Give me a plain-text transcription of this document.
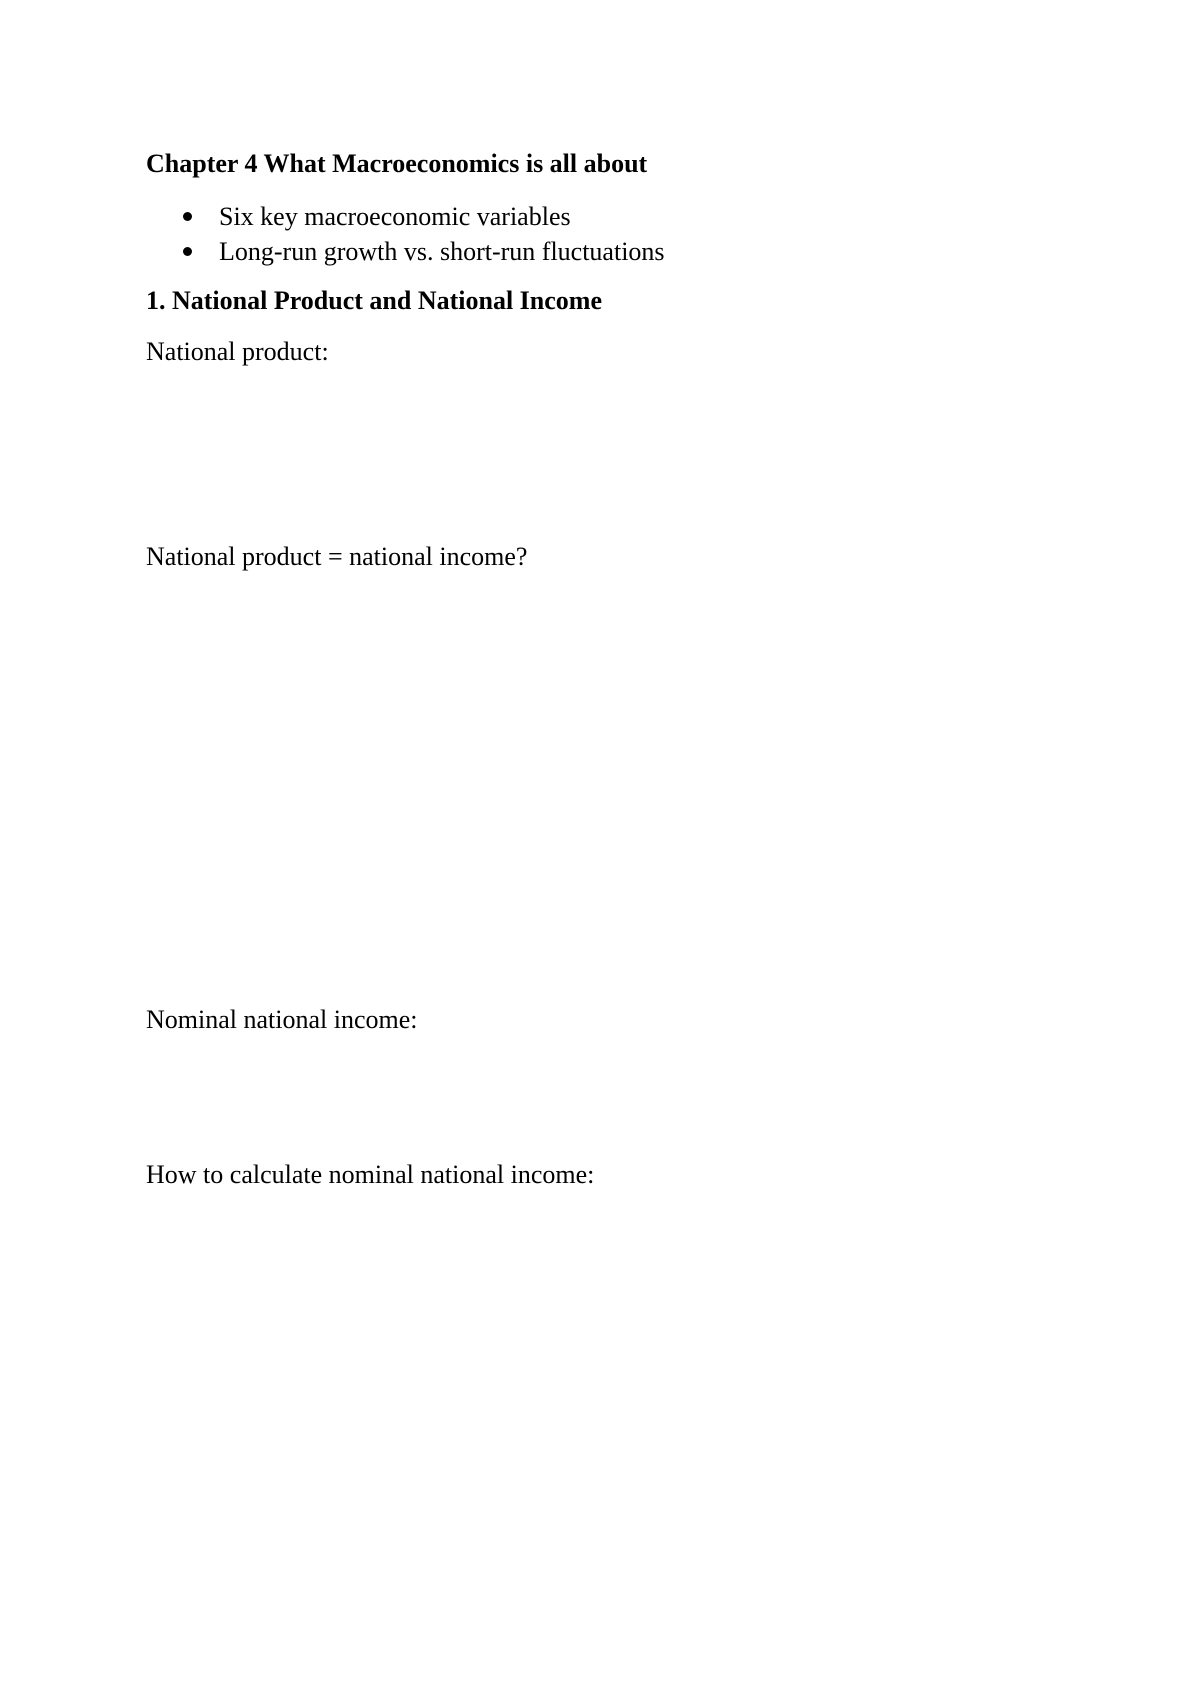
Chapter 4 What Macroeconomics is all about
Six key macroeconomic variables
Long-run growth vs. short-run fluctuations
1. National Product and National Income
National product:
National product = national income?
Nominal national income:
How to calculate nominal national income:
